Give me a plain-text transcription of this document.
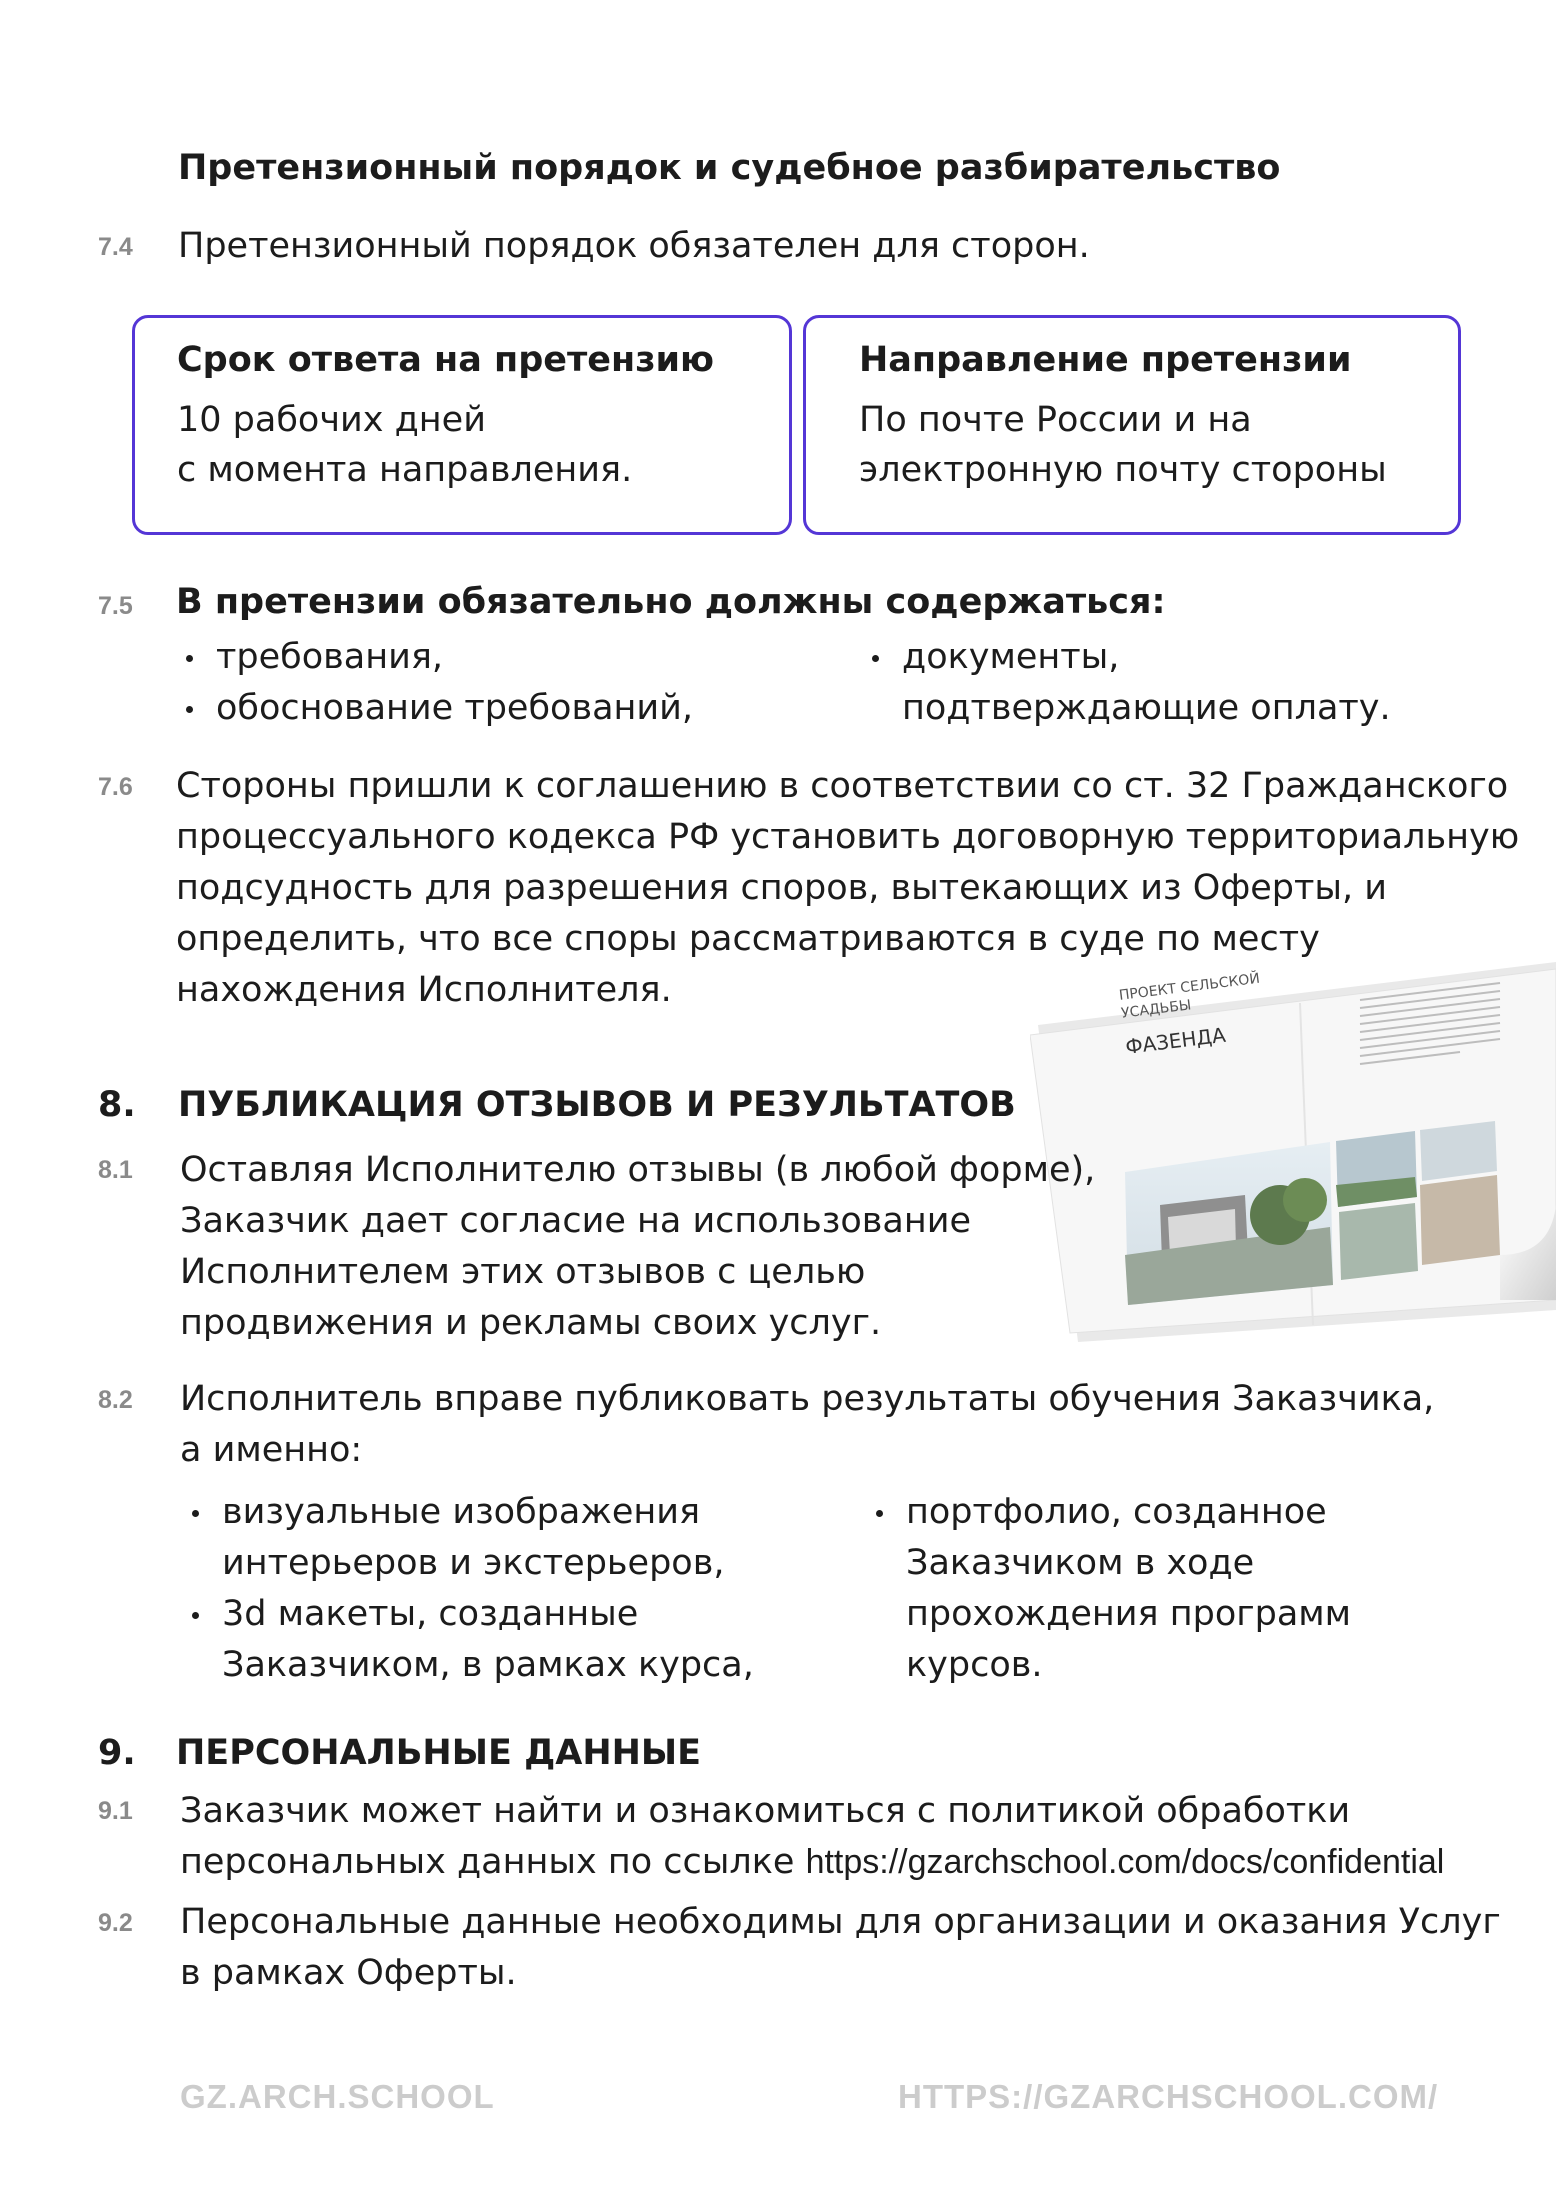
Претензионный порядок и судебное разбирательство
7.4 Претензионный порядок обязателен для сторон.
Срок ответа на претензию
10 рабочих дней
с момента направления.
Направление претензии
По почте России и на
электронную почту стороны
7.5 В претензии обязательно должны содержаться:
требования,
обоснование требований,
документы,
подтверждающие оплату.
7.6 Стороны пришли к соглашению в соответствии со ст. 32 Гражданского
процессуального кодекса РФ установить договорную территориальную
подсудность для разрешения споров, вытекающих из Оферты, и
определить, что все споры рассматриваются в суде по месту
нахождения Исполнителя.	ПРОЕКТ СЕЛЬСКОЙ
УСАДЬБЫ
ФАЗЕНДА
8. ПУБЛИКАЦИЯ ОТЗЫВОВ И РЕЗУЛЬТАТОВ
8.1 Оставляя Исполнителю отзывы (в любой форме),
Заказчик дает согласие на использование
Исполнителем этих отзывов с целью
продвижения и рекламы своих услуг.
8.2 Исполнитель вправе публиковать результаты обучения Заказчика,
а именно:
визуальные изображения
интерьеров и экстерьеров,
3d макеты, созданные
Заказчиком, в рамках курса,
портфолио, созданное
Заказчиком в ходе
прохождения программ
курсов.
9. ПЕРСОНАЛЬНЫЕ ДАННЫЕ
9.1 Заказчик может найти и ознакомиться с политикой обработки
персональных данных по ссылке https://gzarchschool.com/docs/confidential
9.2 Персональные данные необходимы для организации и оказания Услуг
в рамках Оферты.
GZ.ARCH.SCHOOL	HTTPS://GZARCHSCHOOL.COM/
